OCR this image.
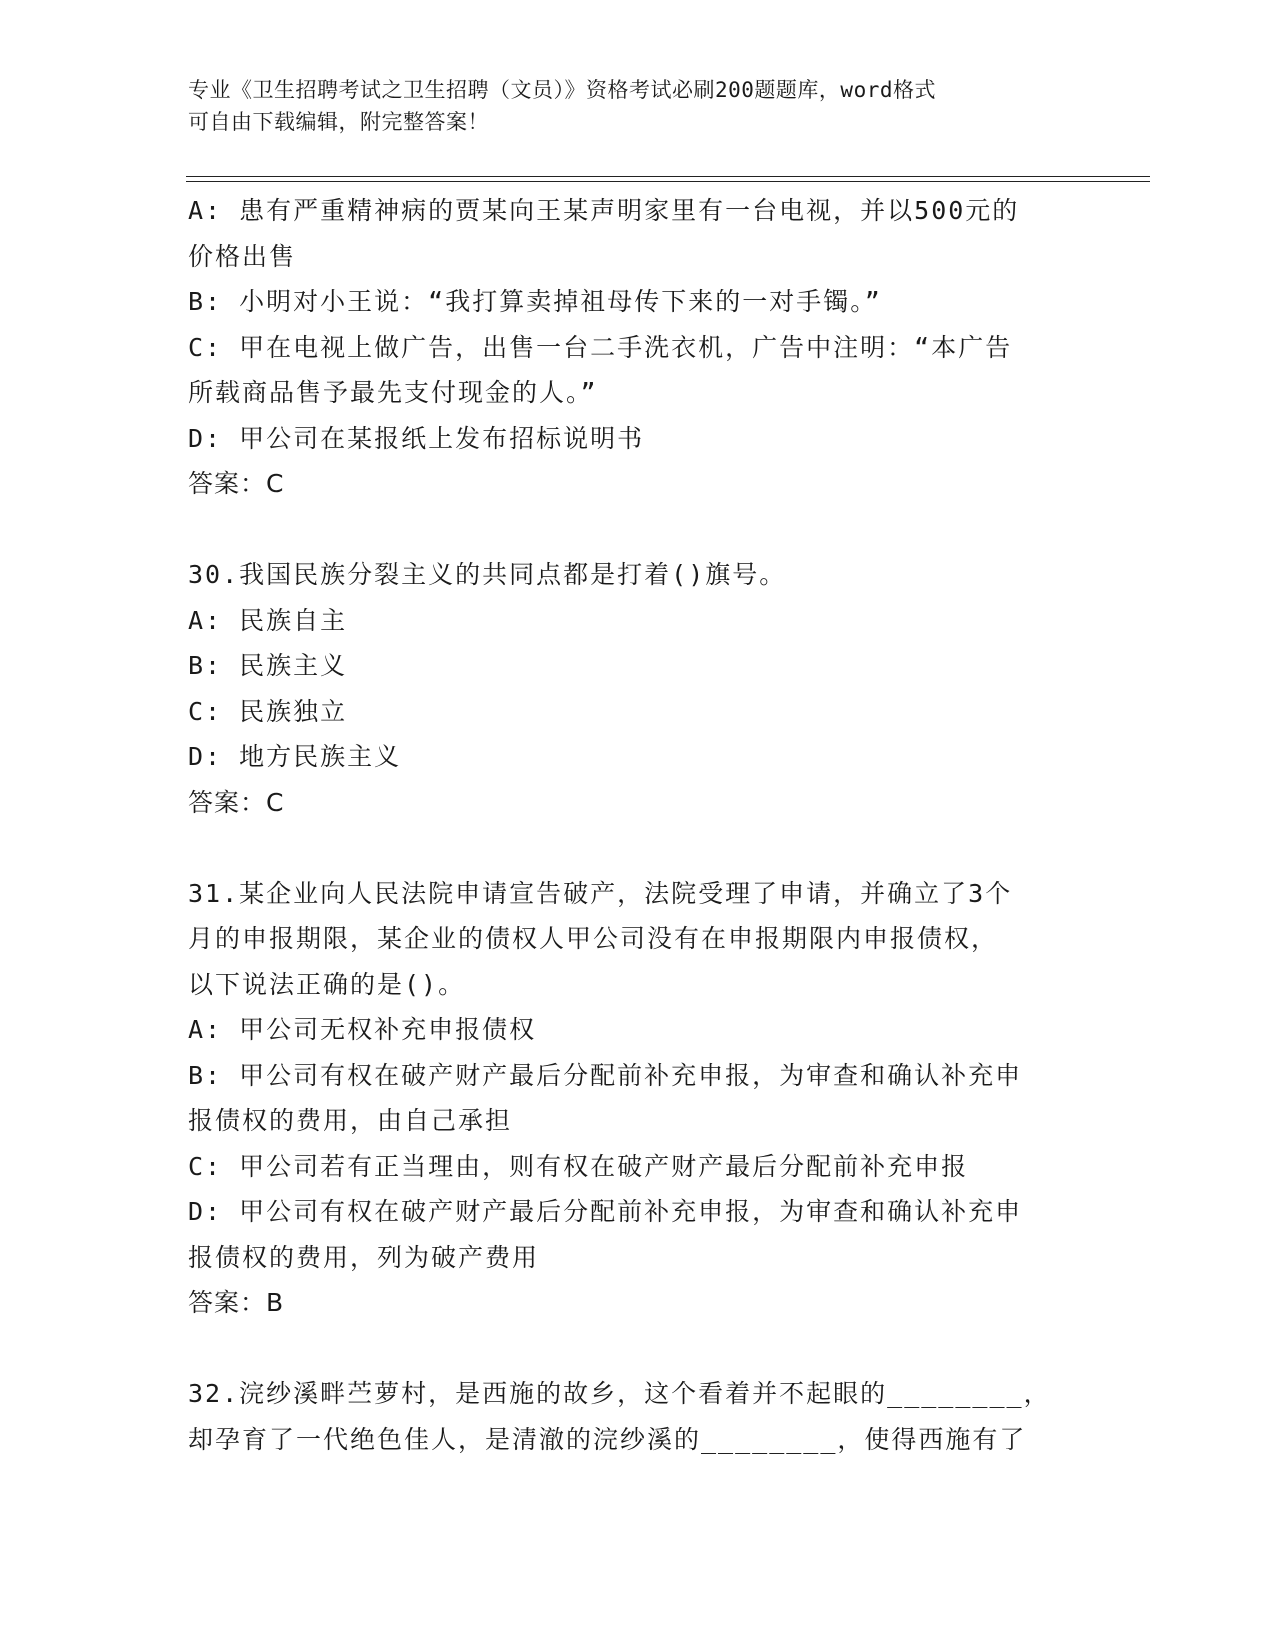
专业《卫生招聘考试之卫生招聘（文员）》资格考试必刷200题题库，word格式
可自由下载编辑，附完整答案！
A: 患有严重精神病的贾某向王某声明家里有一台电视，并以500元的
价格出售
B: 小明对小王说：“我打算卖掉祖母传下来的一对手镯。”
C: 甲在电视上做广告，出售一台二手洗衣机，广告中注明：“本广告
所载商品售予最先支付现金的人。”
D: 甲公司在某报纸上发布招标说明书
答案：C
30.我国民族分裂主义的共同点都是打着()旗号。
A: 民族自主
B: 民族主义
C: 民族独立
D: 地方民族主义
答案：C
31.某企业向人民法院申请宣告破产，法院受理了申请，并确立了3个
月的申报期限，某企业的债权人甲公司没有在申报期限内申报债权，
以下说法正确的是()。
A: 甲公司无权补充申报债权
B: 甲公司有权在破产财产最后分配前补充申报，为审查和确认补充申
报债权的费用，由自己承担
C: 甲公司若有正当理由，则有权在破产财产最后分配前补充申报
D: 甲公司有权在破产财产最后分配前补充申报，为审查和确认补充申
报债权的费用，列为破产费用
答案：B
32.浣纱溪畔苎萝村，是西施的故乡，这个看着并不起眼的________，
却孕育了一代绝色佳人，是清澈的浣纱溪的________，使得西施有了
